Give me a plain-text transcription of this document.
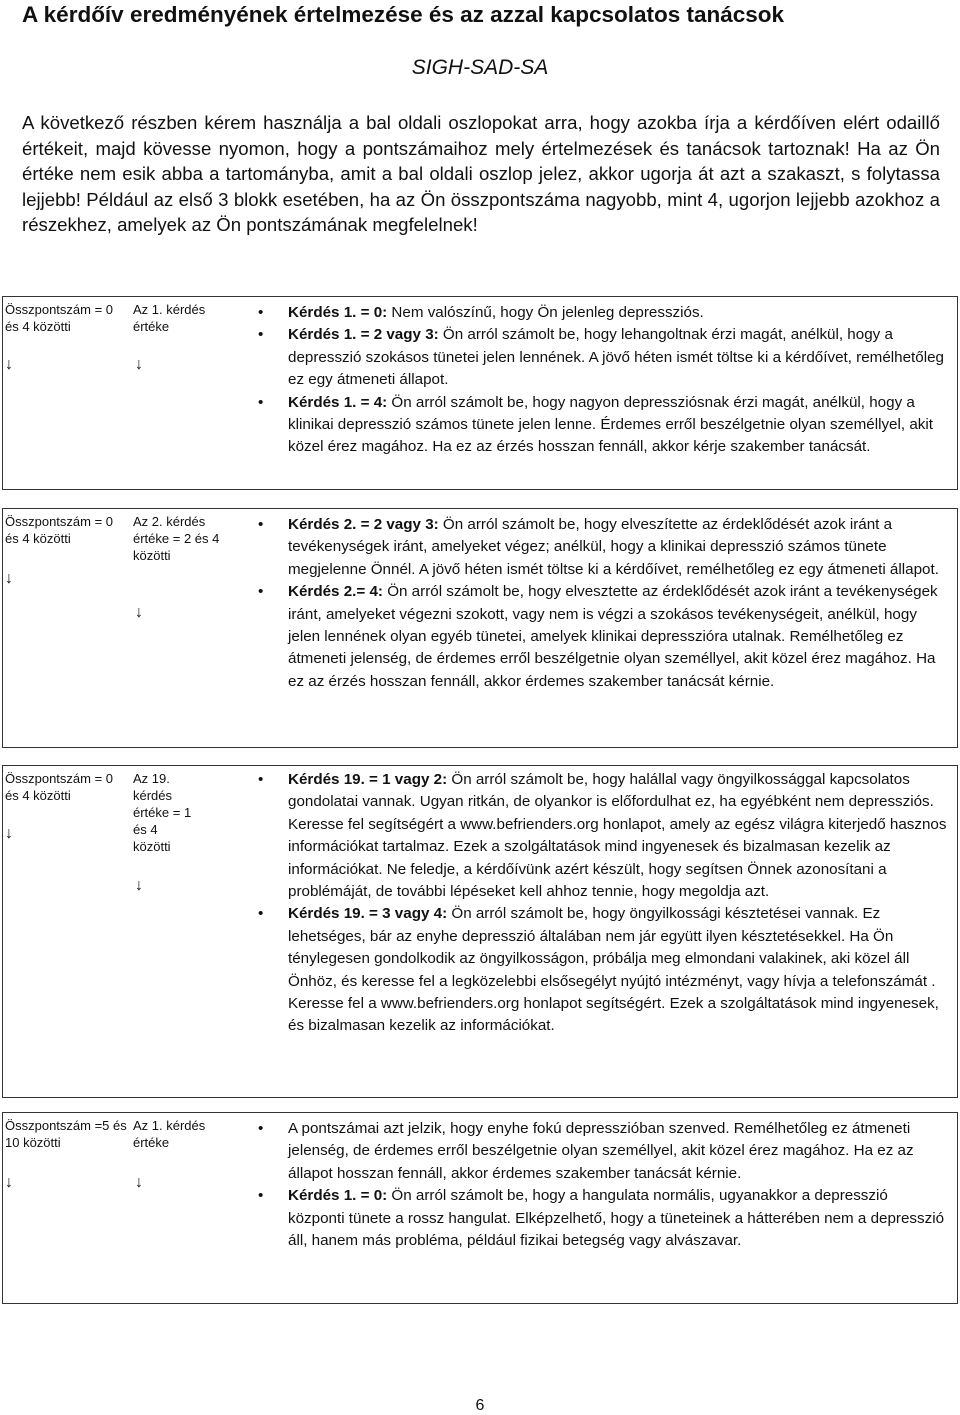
A kérdőív eredményének értelmezése és az azzal kapcsolatos tanácsok
SIGH-SAD-SA

A következő részben kérem használja a bal oldali oszlopokat arra, hogy azokba írja a kérdőíven elért odaillő értékeit, majd kövesse nyomon, hogy a pontszámaihoz mely értelmezések és tanácsok tartoznak! Ha az Ön értéke nem esik abba a tartományba, amit a bal oldali oszlop jelez, akkor ugorja át azt a szakaszt, s folytassa lejjebb! Például az első 3 blokk esetében, ha az Ön összpontszáma nagyobb, mint 4, ugorjon lejjebb azokhoz a részekhez, amelyek az Ön pontszámának megfelelnek!

Összpontszám = 0 és 4 közötti
Az 1. kérdés értéke
↓	↓
• Kérdés 1. = 0: Nem valószínű, hogy Ön jelenleg depressziós.
• Kérdés 1. = 2 vagy 3: Ön arról számolt be, hogy lehangoltnak érzi magát, anélkül, hogy a depresszió szokásos tünetei jelen lennének. A jövő héten ismét töltse ki a kérdőívet, remélhetőleg ez egy átmeneti állapot.
• Kérdés 1. = 4: Ön arról számolt be, hogy nagyon depressziósnak érzi magát, anélkül, hogy a klinikai depresszió számos tünete jelen lenne. Érdemes erről beszélgetnie olyan személlyel, akit közel érez magához. Ha ez az érzés hosszan fennáll, akkor kérje szakember tanácsát.
Összpontszám = 0 és 4 közötti
Az 2. kérdés értéke = 2 és 4 közötti
↓
↓
• Kérdés 2. = 2 vagy 3: Ön arról számolt be, hogy elveszítette az érdeklődését azok iránt a tevékenységek iránt, amelyeket végez; anélkül, hogy a klinikai depresszió számos tünete megjelenne Önnél. A jövő héten ismét töltse ki a kérdőívet, remélhetőleg ez egy átmeneti állapot.
• Kérdés 2.= 4: Ön arról számolt be, hogy elvesztette az érdeklődését azok iránt a tevékenységek iránt, amelyeket végezni szokott, vagy nem is végzi a szokásos tevékenységeit, anélkül, hogy jelen lennének olyan egyéb tünetei, amelyek klinikai depresszióra utalnak. Remélhetőleg ez átmeneti jelenség, de érdemes erről beszélgetnie olyan személlyel, akit közel érez magához. Ha ez az érzés hosszan fennáll, akkor érdemes szakember tanácsát kérnie.
Összpontszám = 0 és 4 közötti
Az 19. kérdés értéke = 1 és 4 közötti
↓
↓
• Kérdés 19. = 1 vagy 2: Ön arról számolt be, hogy halállal vagy öngyilkossággal kapcsolatos gondolatai vannak. Ugyan ritkán, de olyankor is előfordulhat ez, ha egyébként nem depressziós. Keresse fel segítségért a www.befrienders.org honlapot, amely az egész világra kiterjedő hasznos információkat tartalmaz. Ezek a szolgáltatások mind ingyenesek és bizalmasan kezelik az információkat. Ne feledje, a kérdőívünk azért készült, hogy segítsen Önnek azonosítani a problémáját, de további lépéseket kell ahhoz tennie, hogy megoldja azt.
• Kérdés 19. = 3 vagy 4: Ön arról számolt be, hogy öngyilkossági késztetései vannak. Ez lehetséges, bár az enyhe depresszió általában nem jár együtt ilyen késztetésekkel. Ha Ön ténylegesen gondolkodik az öngyilkosságon, próbálja meg elmondani valakinek, aki közel áll Önhöz, és keresse fel a legközelebbi elsősegélyt nyújtó intézményt, vagy hívja a telefonszámát . Keresse fel a www.befrienders.org honlapot segítségért. Ezek a szolgáltatások mind ingyenesek, és bizalmasan kezelik az információkat.
Összpontszám =5 és 10 közötti
Az 1. kérdés értéke
↓	↓
• A pontszámai azt jelzik, hogy enyhe fokú depresszióban szenved. Remélhetőleg ez átmeneti jelenség, de érdemes erről beszélgetnie olyan személlyel, akit közel érez magához. Ha ez az állapot hosszan fennáll, akkor érdemes szakember tanácsát kérnie.
• Kérdés 1. = 0: Ön arról számolt be, hogy a hangulata normális, ugyanakkor a depresszió központi tünete a rossz hangulat. Elképzelhető, hogy a tüneteinek a hátterében nem a depresszió áll, hanem más probléma, például fizikai betegség vagy alvászavar.
6
